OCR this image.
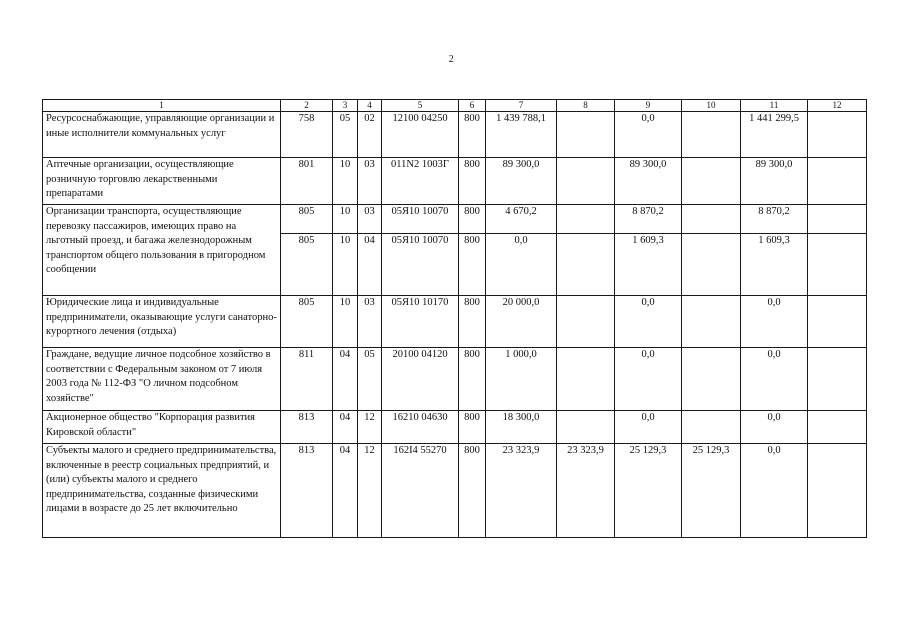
2
1	2	3	4	5	6	7	8	9	10	11	12
Ресурсоснабжающие, управляющие организации и иные исполнители коммунальных услуг	758	05	02	12100 04250	800	1 439 788,1		0,0		1 441 299,5	
Аптечные организации, осуществляющие розничную торговлю лекарственными препаратами	801	10	03	011N2 1003Г	800	89 300,0		89 300,0		89 300,0	
Организации транспорта, осуществляющие перевозку пассажиров, имеющих право на льготный проезд, и багажа железнодорожным транспортом общего пользования в пригородном сообщении	805	10	03	05Я10 10070	800	4 670,2		8 870,2		8 870,2	
	805	10	04	05Я10 10070	800	0,0		1 609,3		1 609,3	
Юридические лица и индивидуальные предприниматели, оказывающие услуги санаторно-курортного лечения (отдыха)	805	10	03	05Я10 10170	800	20 000,0		0,0		0,0	
Граждане, ведущие личное подсобное хозяйство в соответствии с Федеральным законом от 7 июля 2003 года № 112-ФЗ "О личном подсобном хозяйстве"	811	04	05	20100 04120	800	1 000,0		0,0		0,0	
Акционерное общество "Корпорация развития Кировской области"	813	04	12	16210 04630	800	18 300,0		0,0		0,0	
Субъекты малого и среднего предпринимательства, включенные в реестр социальных предприятий, и (или) субъекты малого и среднего предпринимательства, созданные физическими лицами в возрасте до 25 лет включительно	813	04	12	162I4 55270	800	23 323,9	23 323,9	25 129,3	25 129,3	0,0	
